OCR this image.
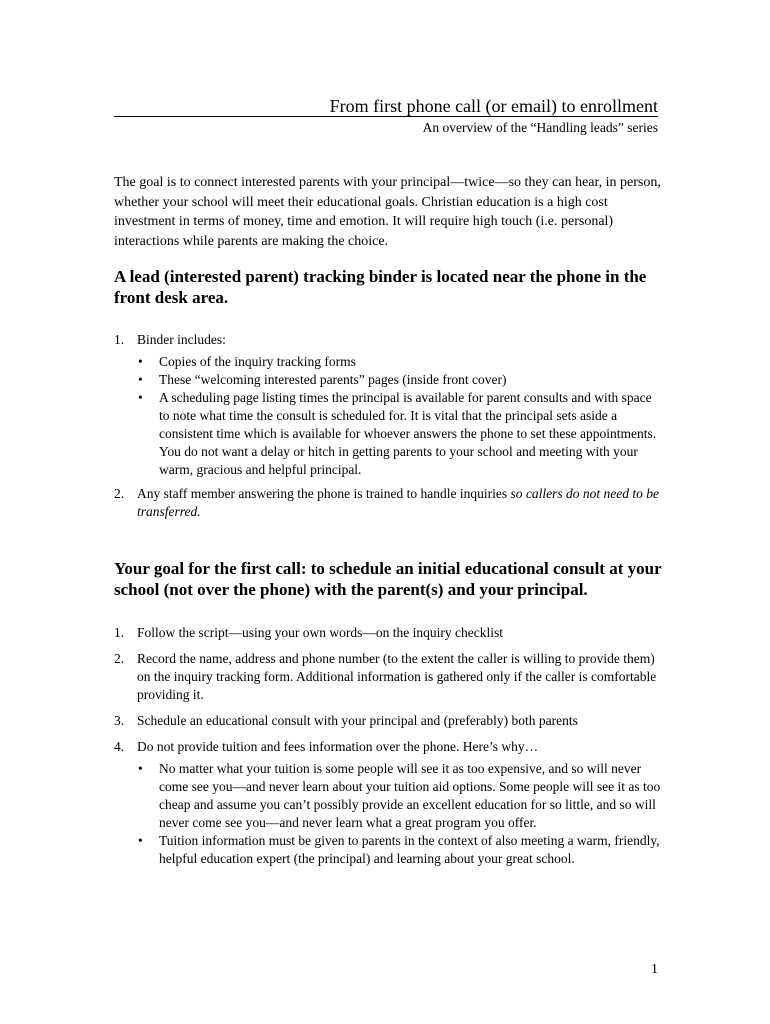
From first phone call (or email) to enrollment
An overview of the “Handling leads” series

The goal is to connect interested parents with your principal—twice—so they can hear, in person, whether your school will meet their educational goals. Christian education is a high cost investment in terms of money, time and emotion. It will require high touch (i.e. personal) interactions while parents are making the choice.

A lead (interested parent) tracking binder is located near the phone in the front desk area.
1. Binder includes:
• Copies of the inquiry tracking forms
• These “welcoming interested parents” pages (inside front cover)
• A scheduling page listing times the principal is available for parent consults and with space to note what time the consult is scheduled for. It is vital that the principal sets aside a consistent time which is available for whoever answers the phone to set these appointments. You do not want a delay or hitch in getting parents to your school and meeting with your warm, gracious and helpful principal.
2. Any staff member answering the phone is trained to handle inquiries so callers do not need to be transferred.
Your goal for the first call: to schedule an initial educational consult at your school (not over the phone) with the parent(s) and your principal.
1. Follow the script—using your own words—on the inquiry checklist
2. Record the name, address and phone number (to the extent the caller is willing to provide them) on the inquiry tracking form. Additional information is gathered only if the caller is comfortable providing it.
3. Schedule an educational consult with your principal and (preferably) both parents
4. Do not provide tuition and fees information over the phone. Here’s why…
• No matter what your tuition is some people will see it as too expensive, and so will never come see you—and never learn about your tuition aid options. Some people will see it as too cheap and assume you can’t possibly provide an excellent education for so little, and so will never come see you—and never learn what a great program you offer.
• Tuition information must be given to parents in the context of also meeting a warm, friendly, helpful education expert (the principal) and learning about your great school.
1
